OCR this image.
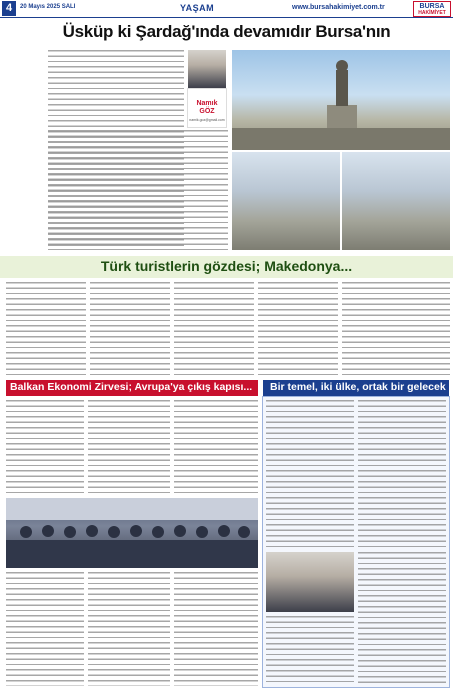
4	20 Mayıs 2025 SALI	YAŞAM	www.bursahakimiyet.com.tr	BURSA
HAKİMİYET
Üsküp ki Şardağ'ında devamıdır Bursa'nın
Namık
GÖZ
namik.goz@gmail.com
Türk turistlerin gözdesi; Makedonya...
Balkan Ekonomi Zirvesi; Avrupa'ya çıkış kapısı... Bir temel, iki ülke, ortak bir gelecek
